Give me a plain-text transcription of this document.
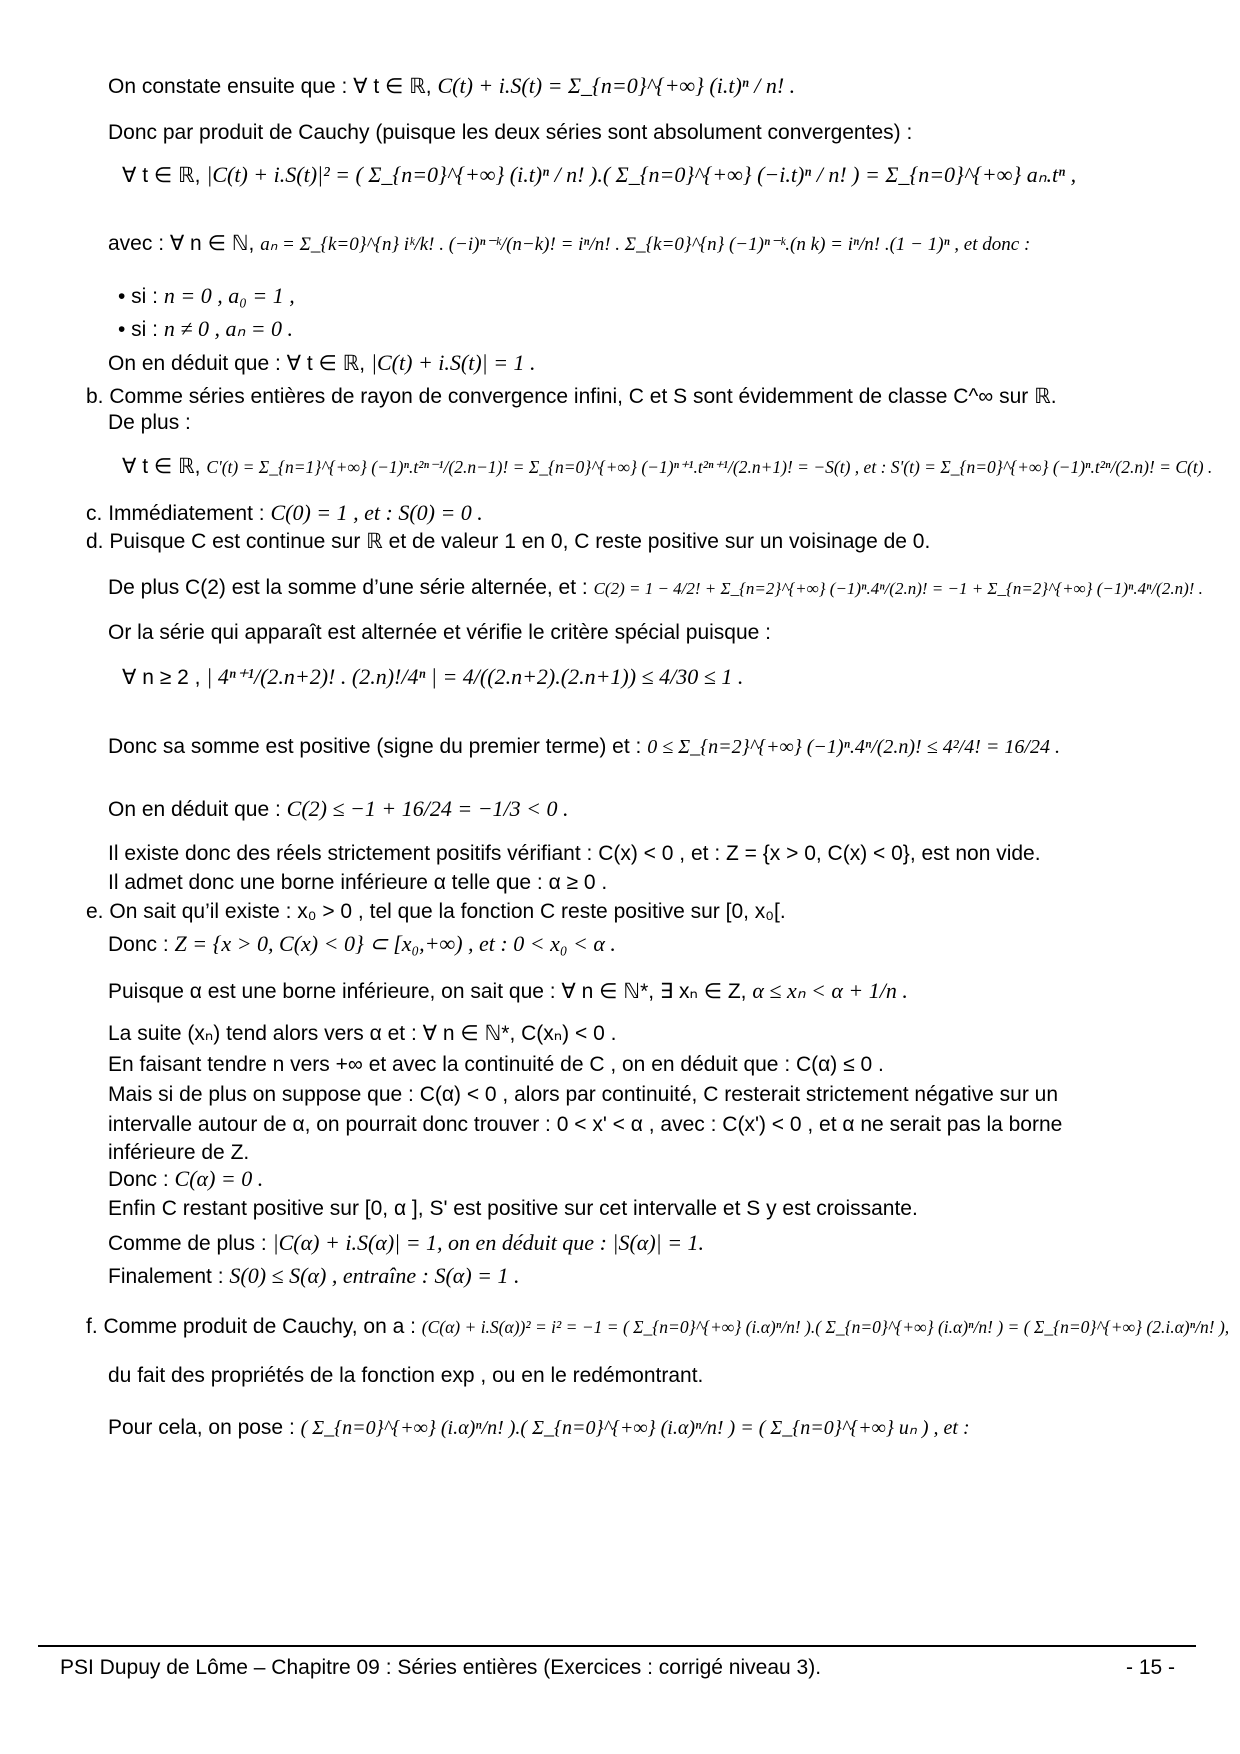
On constate ensuite que : ∀ t ∈ ℝ, C(t) + i.S(t) = Σ_{n=0}^{+∞} (i.t)ⁿ / n! .
Donc par produit de Cauchy (puisque les deux séries sont absolument convergentes) :
∀ t ∈ ℝ, |C(t) + i.S(t)|² = ( Σ_{n=0}^{+∞} (i.t)ⁿ / n! ).( Σ_{n=0}^{+∞} (−i.t)ⁿ / n! ) = Σ_{n=0}^{+∞} aₙ.tⁿ ,
avec : ∀ n ∈ ℕ, aₙ = Σ_{k=0}^{n} iᵏ/k! . (−i)ⁿ⁻ᵏ/(n−k)! = iⁿ/n! . Σ_{k=0}^{n} (−1)ⁿ⁻ᵏ.(n k) = iⁿ/n! .(1 − 1)ⁿ , et donc :
• si : n = 0 , a₀ = 1 ,
• si : n ≠ 0 , aₙ = 0 .
On en déduit que : ∀ t ∈ ℝ, |C(t) + i.S(t)| = 1 .
b. Comme séries entières de rayon de convergence infini, C et S sont évidemment de classe C^∞ sur ℝ.
De plus :
∀ t ∈ ℝ, C'(t) = Σ_{n=1}^{+∞} (−1)ⁿ.t²ⁿ⁻¹/(2.n−1)! = Σ_{n=0}^{+∞} (−1)ⁿ⁺¹.t²ⁿ⁺¹/(2.n+1)! = −S(t) , et : S'(t) = Σ_{n=0}^{+∞} (−1)ⁿ.t²ⁿ/(2.n)! = C(t) .
c. Immédiatement : C(0) = 1 , et : S(0) = 0 .
d. Puisque C est continue sur ℝ et de valeur 1 en 0, C reste positive sur un voisinage de 0.
De plus C(2) est la somme d’une série alternée, et : C(2) = 1 − 4/2! + Σ_{n=2}^{+∞} (−1)ⁿ.4ⁿ/(2.n)! = −1 + Σ_{n=2}^{+∞} (−1)ⁿ.4ⁿ/(2.n)! .
Or la série qui apparaît est alternée et vérifie le critère spécial puisque :
∀ n ≥ 2 , | 4ⁿ⁺¹/(2.n+2)! . (2.n)!/4ⁿ | = 4/((2.n+2).(2.n+1)) ≤ 4/30 ≤ 1 .
Donc sa somme est positive (signe du premier terme) et : 0 ≤ Σ_{n=2}^{+∞} (−1)ⁿ.4ⁿ/(2.n)! ≤ 4²/4! = 16/24 .
On en déduit que : C(2) ≤ −1 + 16/24 = −1/3 < 0 .
Il existe donc des réels strictement positifs vérifiant : C(x) < 0 , et : Z = {x > 0, C(x) < 0}, est non vide.
Il admet donc une borne inférieure α telle que : α ≥ 0 .
e. On sait qu’il existe : x₀ > 0 , tel que la fonction C reste positive sur [0, x₀[.
Donc : Z = {x > 0, C(x) < 0} ⊂ [x₀,+∞) , et : 0 < x₀ < α .
Puisque α est une borne inférieure, on sait que : ∀ n ∈ ℕ*, ∃ xₙ ∈ Z, α ≤ xₙ < α + 1/n .
La suite (xₙ) tend alors vers α et : ∀ n ∈ ℕ*, C(xₙ) < 0 .
En faisant tendre n vers +∞ et avec la continuité de C , on en déduit que : C(α) ≤ 0 .
Mais si de plus on suppose que : C(α) < 0 , alors par continuité, C resterait strictement négative sur un
intervalle autour de α, on pourrait donc trouver : 0 < x' < α , avec : C(x') < 0 , et α ne serait pas la borne
inférieure de Z.
Donc : C(α) = 0 .
Enfin C restant positive sur [0, α ], S' est positive sur cet intervalle et S y est croissante.
Comme de plus : |C(α) + i.S(α)| = 1, on en déduit que : |S(α)| = 1.
Finalement : S(0) ≤ S(α) , entraîne : S(α) = 1 .
f. Comme produit de Cauchy, on a : (C(α) + i.S(α))² = i² = −1 = ( Σ_{n=0}^{+∞} (i.α)ⁿ/n! ).( Σ_{n=0}^{+∞} (i.α)ⁿ/n! ) = ( Σ_{n=0}^{+∞} (2.i.α)ⁿ/n! ),
du fait des propriétés de la fonction exp , ou en le redémontrant.
Pour cela, on pose : ( Σ_{n=0}^{+∞} (i.α)ⁿ/n! ).( Σ_{n=0}^{+∞} (i.α)ⁿ/n! ) = ( Σ_{n=0}^{+∞} uₙ ) , et :
PSI Dupuy de Lôme – Chapitre 09 : Séries entières (Exercices : corrigé niveau 3).	- 15 -
